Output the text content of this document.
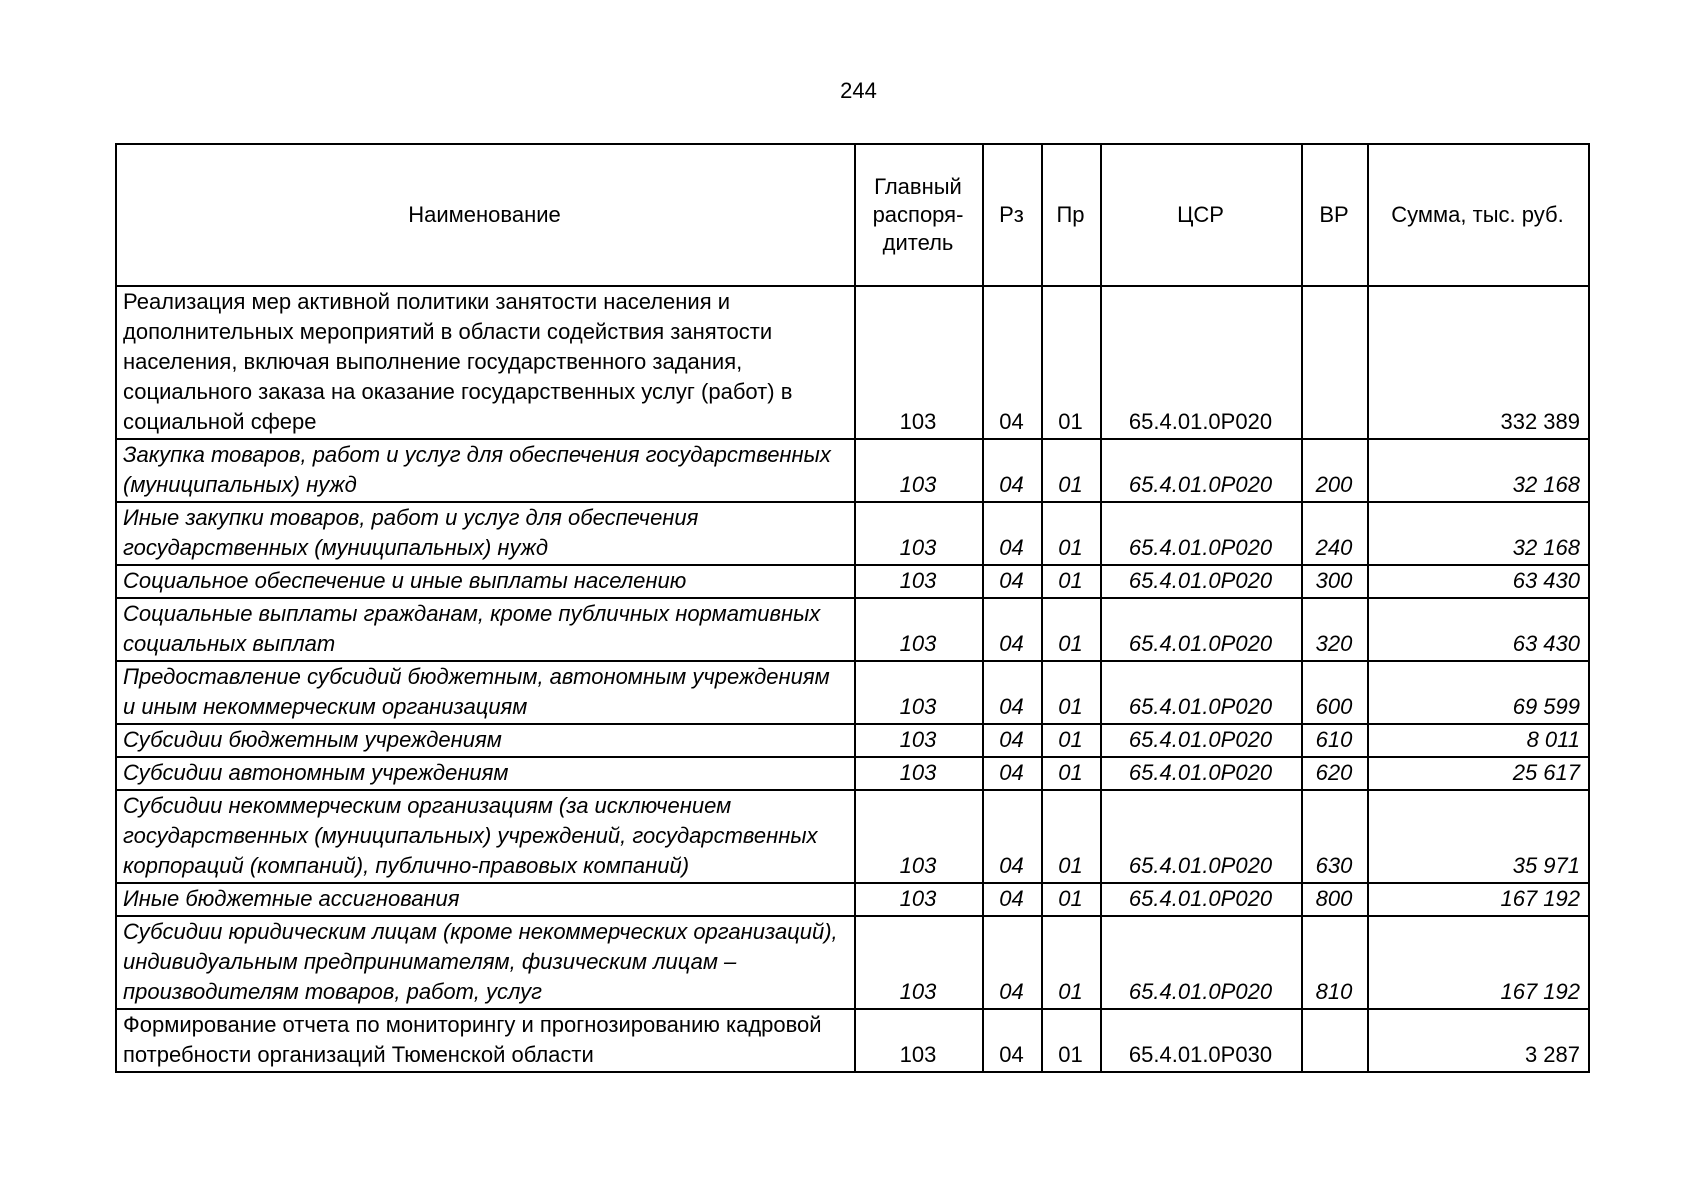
244
Наименование	Главный распоря-дитель	Рз	Пр	ЦСР	ВР	Сумма, тыс. руб.
Реализация мер активной политики занятости населения и дополнительных мероприятий в области содействия занятости населения, включая выполнение государственного задания, социального заказа на оказание государственных услуг (работ) в социальной сфере	103	04	01	65.4.01.0Р020		332 389
Закупка товаров, работ и услуг для обеспечения государственных (муниципальных) нужд	103	04	01	65.4.01.0Р020	200	32 168
Иные закупки товаров, работ и услуг для обеспечения государственных (муниципальных) нужд	103	04	01	65.4.01.0Р020	240	32 168
Социальное обеспечение и иные выплаты населению	103	04	01	65.4.01.0Р020	300	63 430
Социальные выплаты гражданам, кроме публичных нормативных социальных выплат	103	04	01	65.4.01.0Р020	320	63 430
Предоставление субсидий бюджетным, автономным учреждениям и иным некоммерческим организациям	103	04	01	65.4.01.0Р020	600	69 599
Субсидии бюджетным учреждениям	103	04	01	65.4.01.0Р020	610	8 011
Субсидии автономным учреждениям	103	04	01	65.4.01.0Р020	620	25 617
Субсидии некоммерческим организациям (за исключением государственных (муниципальных) учреждений, государственных корпораций (компаний), публично-правовых компаний)	103	04	01	65.4.01.0Р020	630	35 971
Иные бюджетные ассигнования	103	04	01	65.4.01.0Р020	800	167 192
Субсидии юридическим лицам (кроме некоммерческих организаций), индивидуальным предпринимателям, физическим лицам – производителям товаров, работ, услуг	103	04	01	65.4.01.0Р020	810	167 192
Формирование отчета по мониторингу и прогнозированию кадровой потребности организаций Тюменской области	103	04	01	65.4.01.0Р030		3 287
